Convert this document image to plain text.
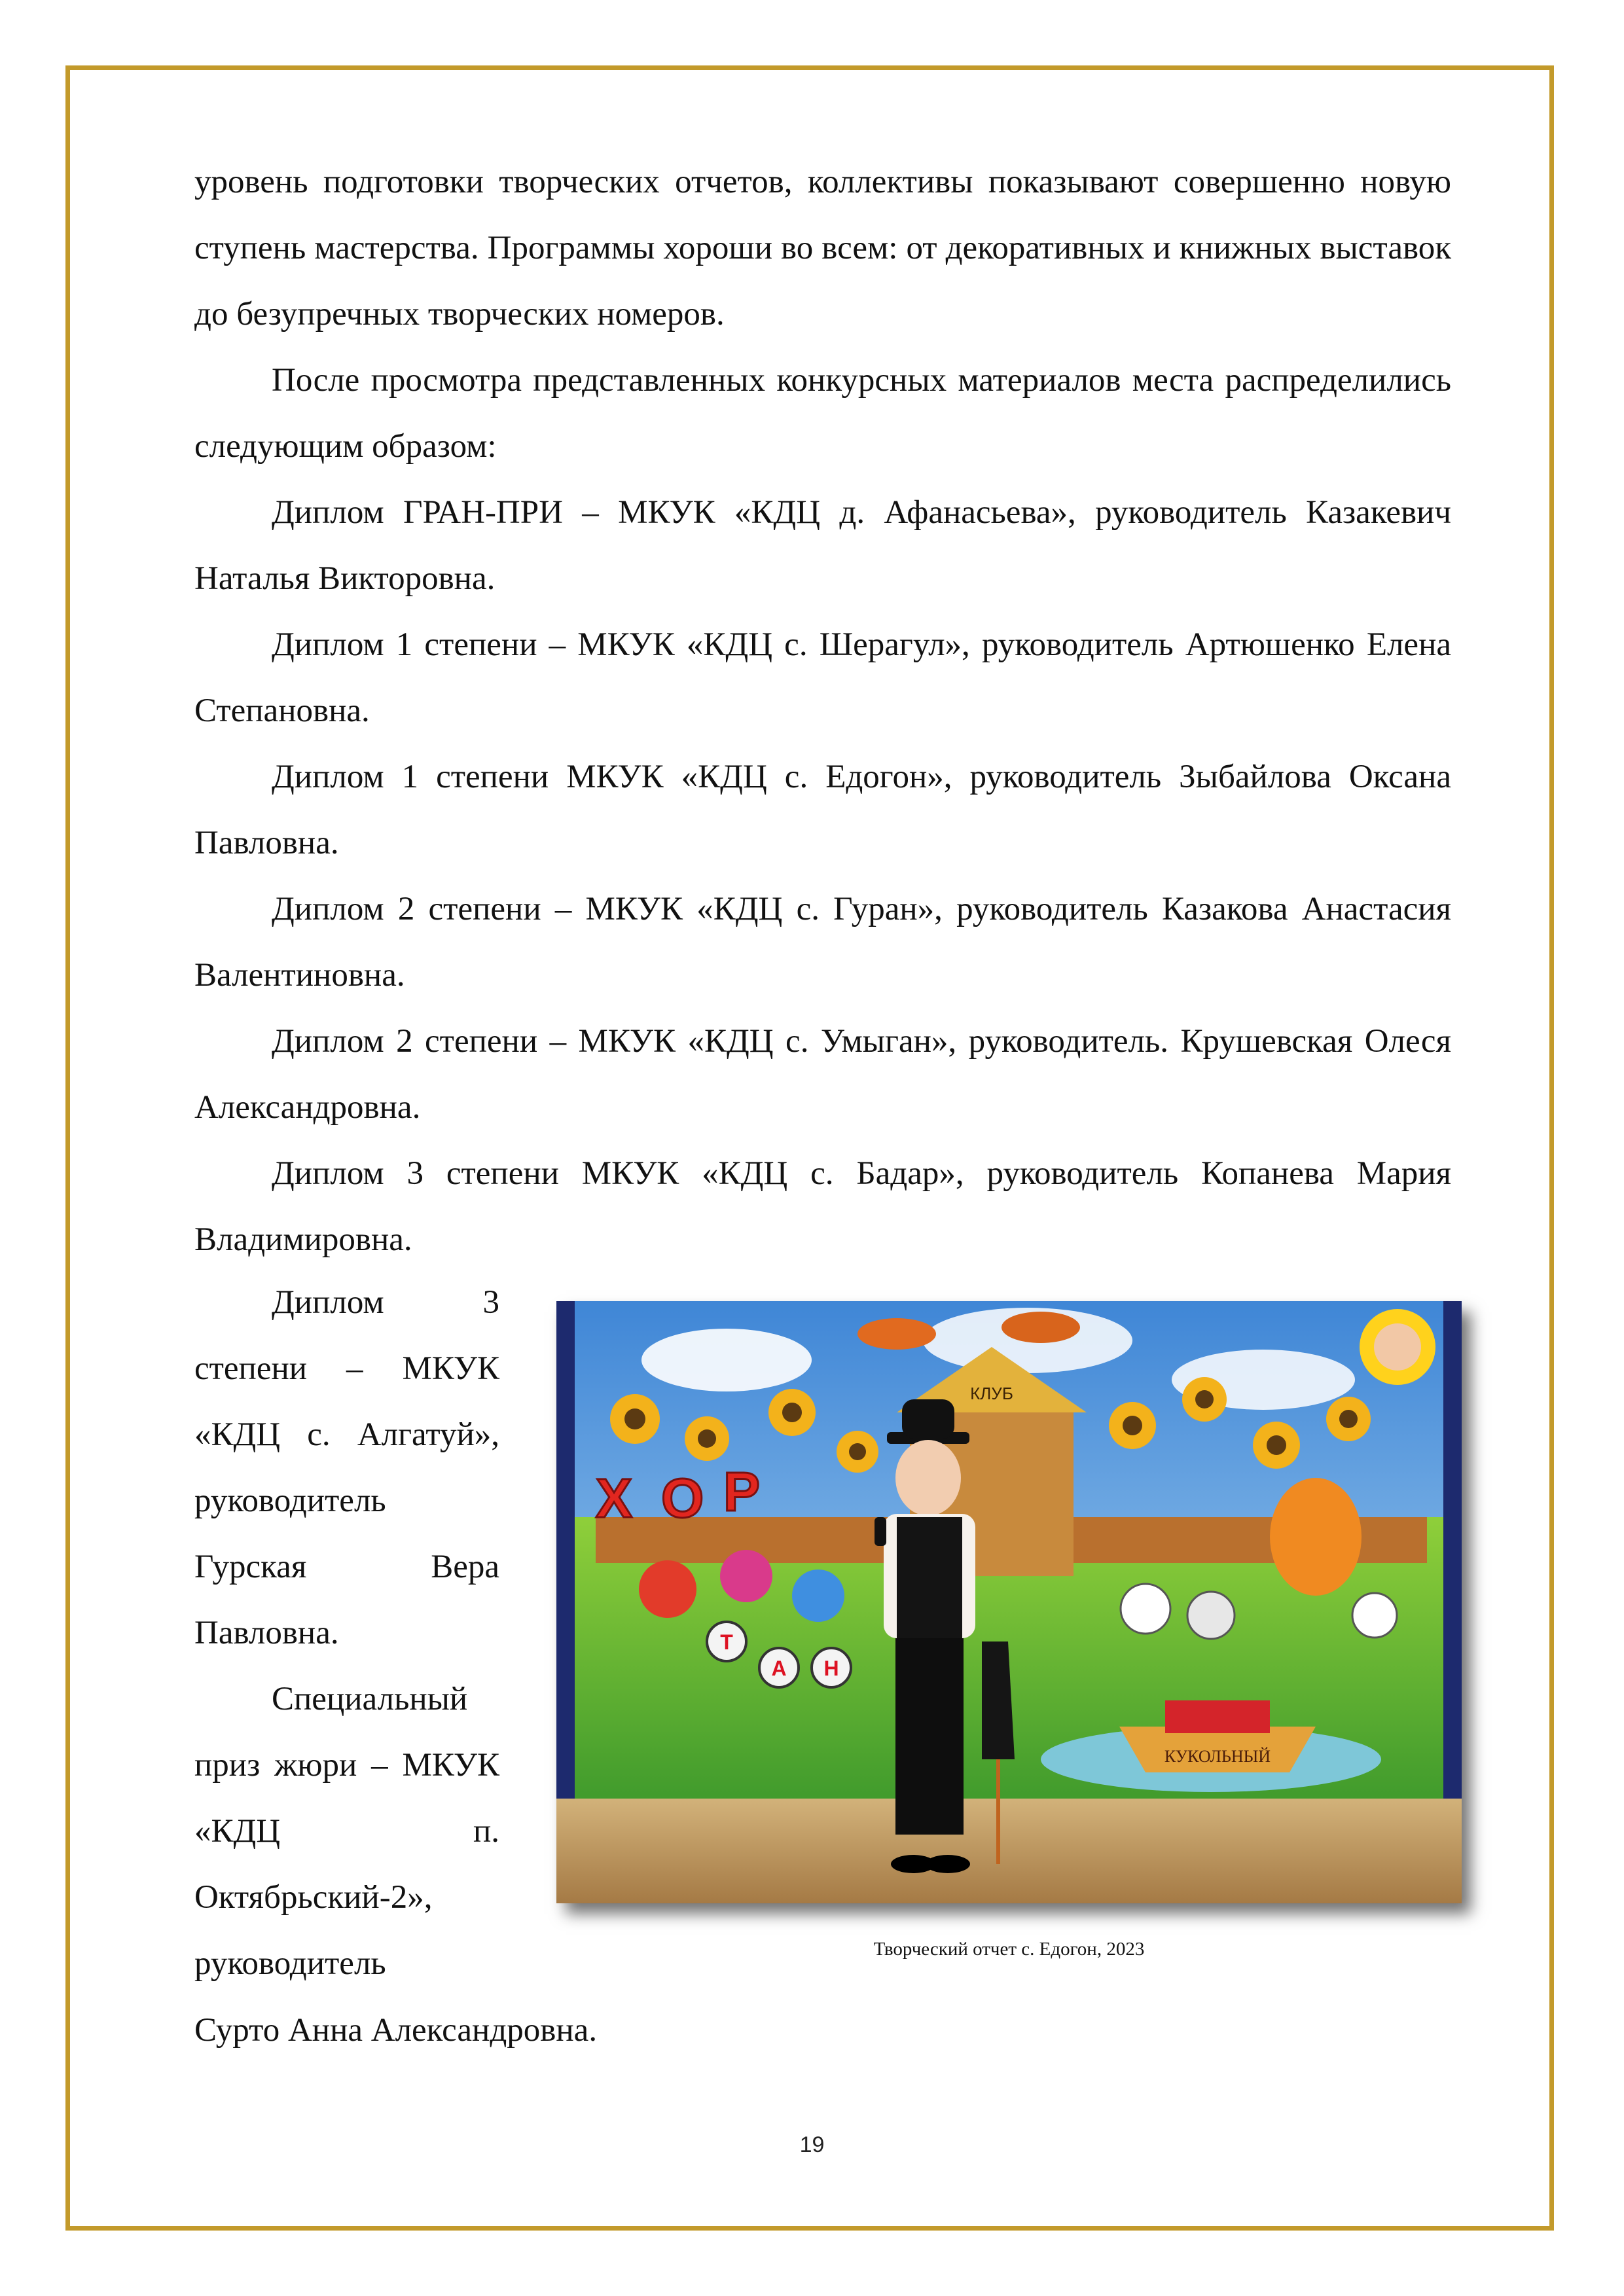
уровень подготовки творческих отчетов, коллективы показывают совершенно новую ступень мастерства. Программы хороши во всем: от декоративных и книжных выставок до безупречных творческих номеров.

После просмотра представленных конкурсных материалов места распределились следующим образом:

Диплом ГРАН-ПРИ – МКУК «КДЦ д. Афанасьева», руководитель Казакевич Наталья Викторовна.

Диплом 1 степени – МКУК «КДЦ с. Шерагул», руководитель Артюшенко Елена Степановна.

Диплом 1 степени МКУК «КДЦ с. Едогон», руководитель Зыбайлова Оксана Павловна.

Диплом 2 степени – МКУК «КДЦ с. Гуран», руководитель Казакова Анастасия Валентиновна.

Диплом 2 степени – МКУК «КДЦ с. Умыган», руководитель. Крушевская Олеся Александровна.

Диплом 3 степени МКУК «КДЦ с. Бадар», руководитель Копанева Мария Владимировна.

Диплом 3 степени – МКУК «КДЦ с. Алгатуй», руководитель Гурская Вера Павловна.

Специальный приз жюри – МКУК «КДЦ п. Октябрьский-2», руководитель

Сурто Анна Александровна.
КЛУБ
Х О Р
Т
А Н
КУКОЛЬНЫЙ
Творческий отчет с. Едогон, 2023
19
